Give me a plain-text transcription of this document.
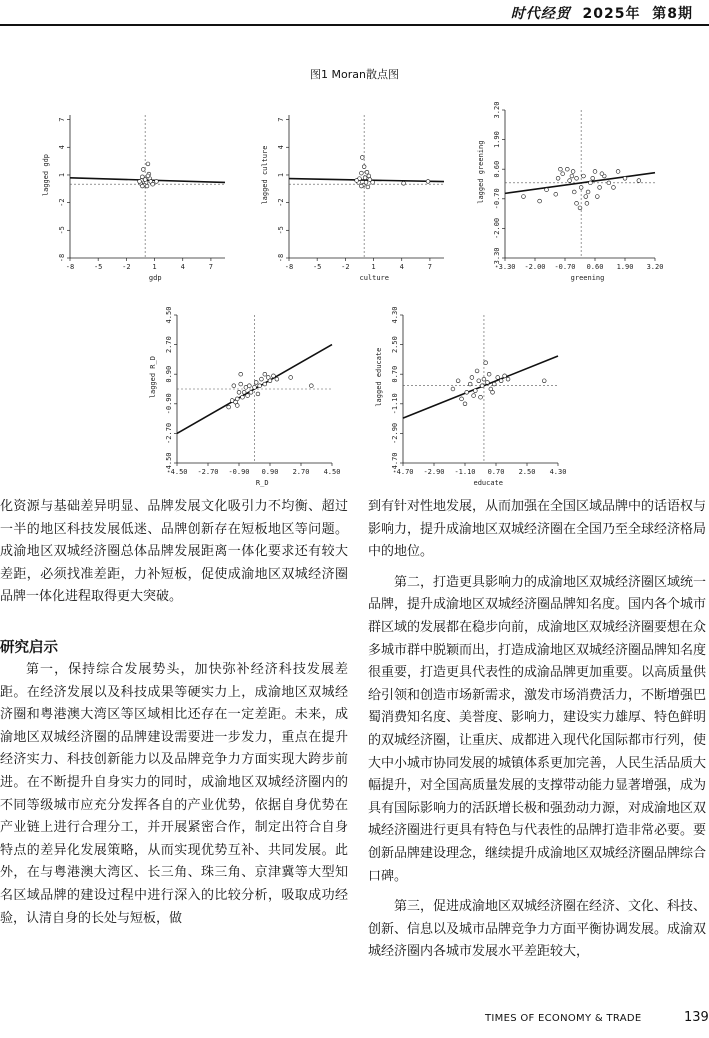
时代经贸 2025年 第8期
图1 Moran散点图
-8	-5	-2	1	4	7
-8
-5
-2
1
4
7
gdp
lagged gdp
-8	-5	-2	1	4	7
-8
-5
-2
1
4
7
culture
lagged culture
-3.30 -2.00 -0.70 0.60 1.90 3.20
-3.30
-2.00
-0.70
0.60
1.90
3.20
greening
lagged greening
-4.50 -2.70 -0.90 0.90 2.70 4.50
-4.50
-2.70
-0.90
0.90
2.70
4.50
R_D
lagged R_D
-4.70 -2.90 -1.10 0.70 2.50 4.30
-4.70
-2.90
-1.10
0.70
2.50
4.30
educate
lagged educate

化资源与基础差异明显、品牌发展文化吸引力不均衡、超过一半的地区科技发展低迷、品牌创新存在短板地区等问题。成渝地区双城经济圈总体品牌发展距离一体化要求还有较大差距，必须找准差距，力补短板，促使成渝地区双城经济圈品牌一体化进程取得更大突破。

研究启示

第一，保持综合发展势头，加快弥补经济科技发展差距。在经济发展以及科技成果等硬实力上，成渝地区双城经济圈和粤港澳大湾区等区域相比还存在一定差距。未来，成渝地区双城经济圈的品牌建设需要进一步发力，重点在提升经济实力、科技创新能力以及品牌竞争力方面实现大跨步前进。在不断提升自身实力的同时，成渝地区双城经济圈内的不同等级城市应充分发挥各自的产业优势，依据自身优势在产业链上进行合理分工，并开展紧密合作，制定出符合自身特点的差异化发展策略，从而实现优势互补、共同发展。此外，在与粤港澳大湾区、长三角、珠三角、京津冀等大型知名区域品牌的建设过程中进行深入的比较分析，吸取成功经验，认清自身的长处与短板，做

到有针对性地发展，从而加强在全国区域品牌中的话语权与影响力，提升成渝地区双城经济圈在全国乃至全球经济格局中的地位。

第二，打造更具影响力的成渝地区双城经济圈区域统一品牌，提升成渝地区双城经济圈品牌知名度。国内各个城市群区域的发展都在稳步向前，成渝地区双城经济圈要想在众多城市群中脱颖而出，打造成渝地区双城经济圈品牌知名度很重要，打造更具代表性的成渝品牌更加重要。以高质量供给引领和创造市场新需求，激发市场消费活力，不断增强巴蜀消费知名度、美誉度、影响力，建设实力雄厚、特色鲜明的双城经济圈，让重庆、成都进入现代化国际都市行列，使大中小城市协同发展的城镇体系更加完善，人民生活品质大幅提升，对全国高质量发展的支撑带动能力显著增强，成为具有国际影响力的活跃增长极和强劲动力源，对成渝地区双城经济圈进行更具有特色与代表性的品牌打造非常必要。要创新品牌建设理念，继续提升成渝地区双城经济圈品牌综合口碑。

第三，促进成渝地区双城经济圈在经济、文化、科技、创新、信息以及城市品牌竞争力方面平衡协调发展。成渝双城经济圈内各城市发展水平差距较大，

TIMES OF ECONOMY & TRADE	139
